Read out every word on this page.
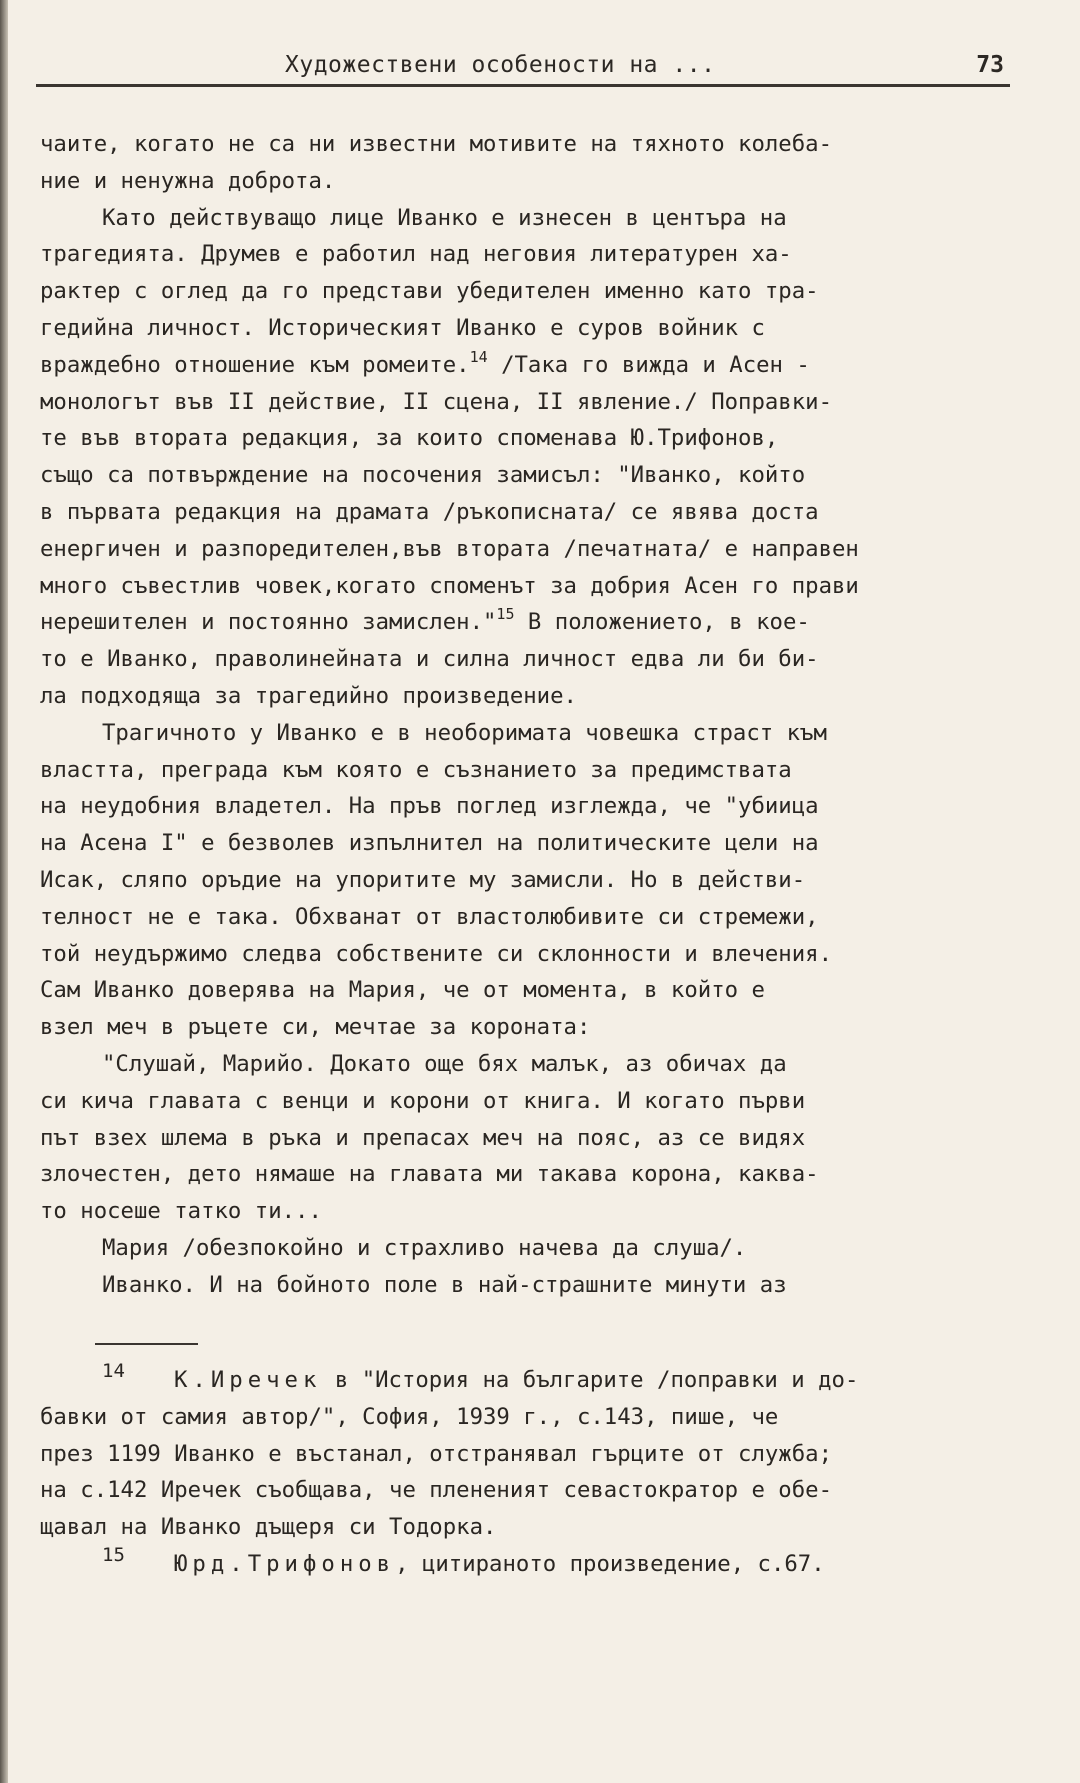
Художествени особености на ...	73
чаите, когато не са ни известни мотивите на тяхното колеба-
ние и ненужна доброта.
Като действуващо лице Иванко е изнесен в центъра на
трагедията. Друмев е работил над неговия литературен ха-
рактер с оглед да го представи убедителен именно като тра-
гедийна личност. Историческият Иванко е суров войник с
враждебно отношение към ромеите.$^{14}$ /Така го вижда и Асен -
монологът във II действие, II сцена, II явление./ Поправки-
те във втората редакция, за които споменава Ю.Трифонов,
също са потвърждение на посочения замисъл: "Иванко, който
в първата редакция на драмата /ръкописната/ се явява доста
енергичен и разпоредителен,във втората /печатната/ е направен
много съвестлив човек,когато споменът за добрия Асен го прави
нерешителен и постоянно замислен."$^{15}$ В положението, в кое-
то е Иванко, праволинейната и силна личност едва ли би би-
ла подходяща за трагедийно произведение.
Трагичното у Иванко е в необоримата човешка страст към
властта, преграда към която е съзнанието за предимствата
на неудобния владетел. На пръв поглед изглежда, че "убиица
на Асена I" е безволев изпълнител на политическите цели на
Исак, сляпо оръдие на упоритите му замисли. Но в действи-
телност не е така. Обхванат от властолюбивите си стремежи,
той неудържимо следва собствените си склонности и влечения.
Сам Иванко доверява на Мария, че от момента, в който е
взел меч в ръцете си, мечтае за короната:
"Слушай, Марийо. Докато още бях малък, аз обичах да
си кича главата с венци и корони от книга. И когато първи
път взех шлема в ръка и препасах меч на пояс, аз се видях
злочестен, дето нямаше на главата ми такава корона, каква-
то носеше татко ти...
Мария /обезпокойно и страхливо начева да слуша/.
Иванко. И на бойното поле в най-страшните минути аз
14 К.Иречек в "История на българите /поправки и до-
бавки от самия автор/", София, 1939 г., с.143, пише, че
през 1199 Иванко е въстанал, отстранявал гърците от служба;
на с.142 Иречек съобщава, че плененият севастократор е обе-
щавал на Иванко дъщеря си Тодорка.
15 Юрд.Трифонов, цитираното произведение, с.67.
